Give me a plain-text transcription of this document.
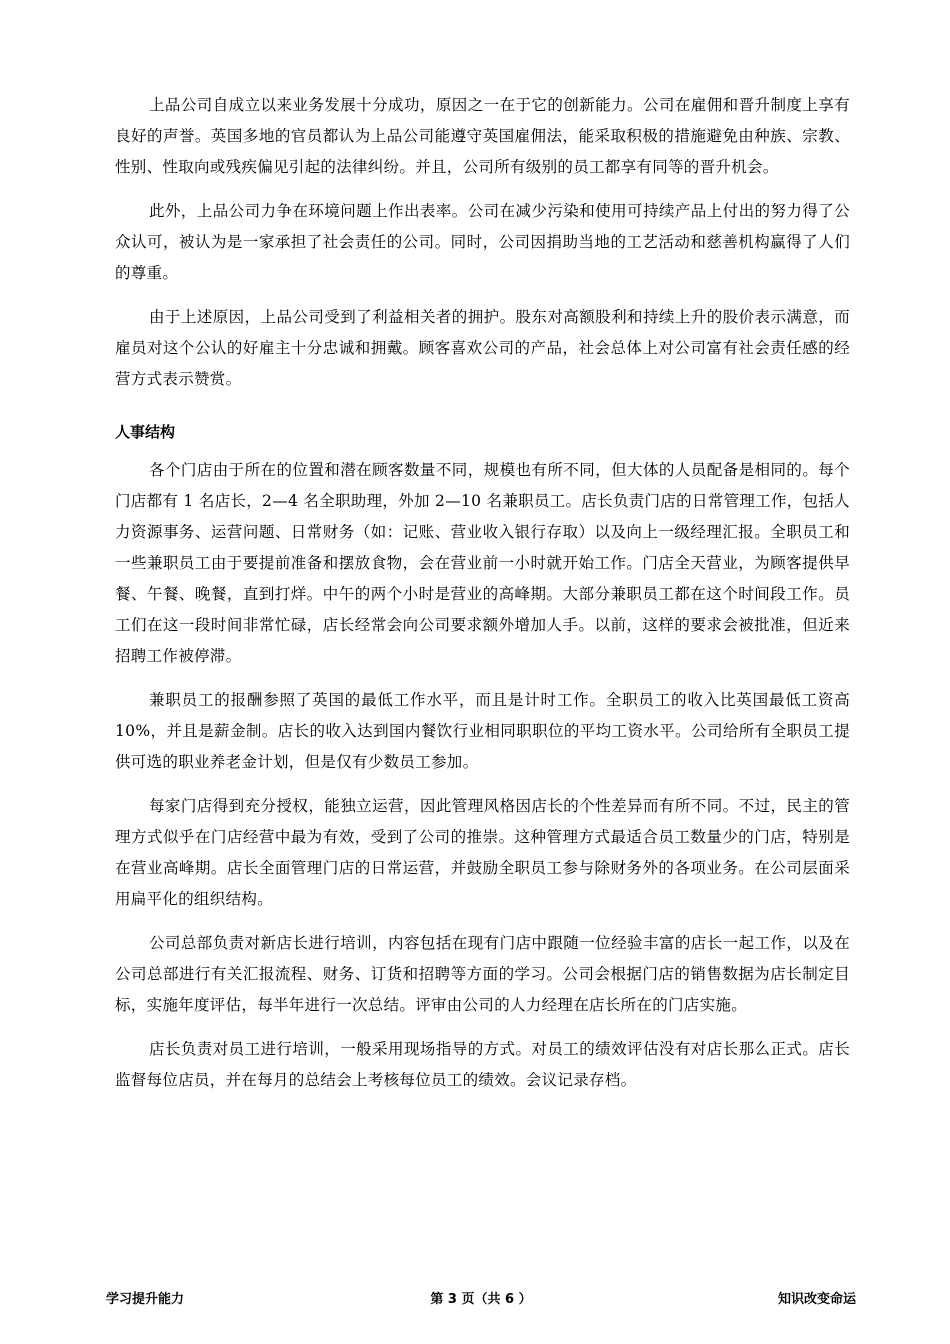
上品公司自成立以来业务发展十分成功，原因之一在于它的创新能力。公司在雇佣和晋升制度上享有良好的声誉。英国多地的官员都认为上品公司能遵守英国雇佣法，能采取积极的措施避免由种族、宗教、性别、性取向或残疾偏见引起的法律纠纷。并且，公司所有级别的员工都享有同等的晋升机会。

此外，上品公司力争在环境问题上作出表率。公司在减少污染和使用可持续产品上付出的努力得了公众认可，被认为是一家承担了社会责任的公司。同时，公司因捐助当地的工艺活动和慈善机构赢得了人们的尊重。

由于上述原因，上品公司受到了利益相关者的拥护。股东对高额股利和持续上升的股价表示满意，而雇员对这个公认的好雇主十分忠诚和拥戴。顾客喜欢公司的产品，社会总体上对公司富有社会责任感的经营方式表示赞赏。

人事结构

各个门店由于所在的位置和潜在顾客数量不同，规模也有所不同，但大体的人员配备是相同的。每个门店都有 1 名店长，2—4 名全职助理，外加 2—10 名兼职员工。店长负责门店的日常管理工作，包括人力资源事务、运营问题、日常财务（如：记账、营业收入银行存取）以及向上一级经理汇报。全职员工和一些兼职员工由于要提前准备和摆放食物，会在营业前一小时就开始工作。门店全天营业，为顾客提供早餐、午餐、晚餐，直到打烊。中午的两个小时是营业的高峰期。大部分兼职员工都在这个时间段工作。员工们在这一段时间非常忙碌，店长经常会向公司要求额外增加人手。以前，这样的要求会被批准，但近来招聘工作被停滞。

兼职员工的报酬参照了英国的最低工作水平，而且是计时工作。全职员工的收入比英国最低工资高 10%，并且是薪金制。店长的收入达到国内餐饮行业相同职职位的平均工资水平。公司给所有全职员工提供可选的职业养老金计划，但是仅有少数员工参加。

每家门店得到充分授权，能独立运营，因此管理风格因店长的个性差异而有所不同。不过，民主的管理方式似乎在门店经营中最为有效，受到了公司的推崇。这种管理方式最适合员工数量少的门店，特别是在营业高峰期。店长全面管理门店的日常运营，并鼓励全职员工参与除财务外的各项业务。在公司层面采用扁平化的组织结构。

公司总部负责对新店长进行培训，内容包括在现有门店中跟随一位经验丰富的店长一起工作，以及在公司总部进行有关汇报流程、财务、订货和招聘等方面的学习。公司会根据门店的销售数据为店长制定目标，实施年度评估，每半年进行一次总结。评审由公司的人力经理在店长所在的门店实施。

店长负责对员工进行培训，一般采用现场指导的方式。对员工的绩效评估没有对店长那么正式。店长监督每位店员，并在每月的总结会上考核每位员工的绩效。会议记录存档。

学习提升能力	第 3 页（共 6 ）	知识改变命运
